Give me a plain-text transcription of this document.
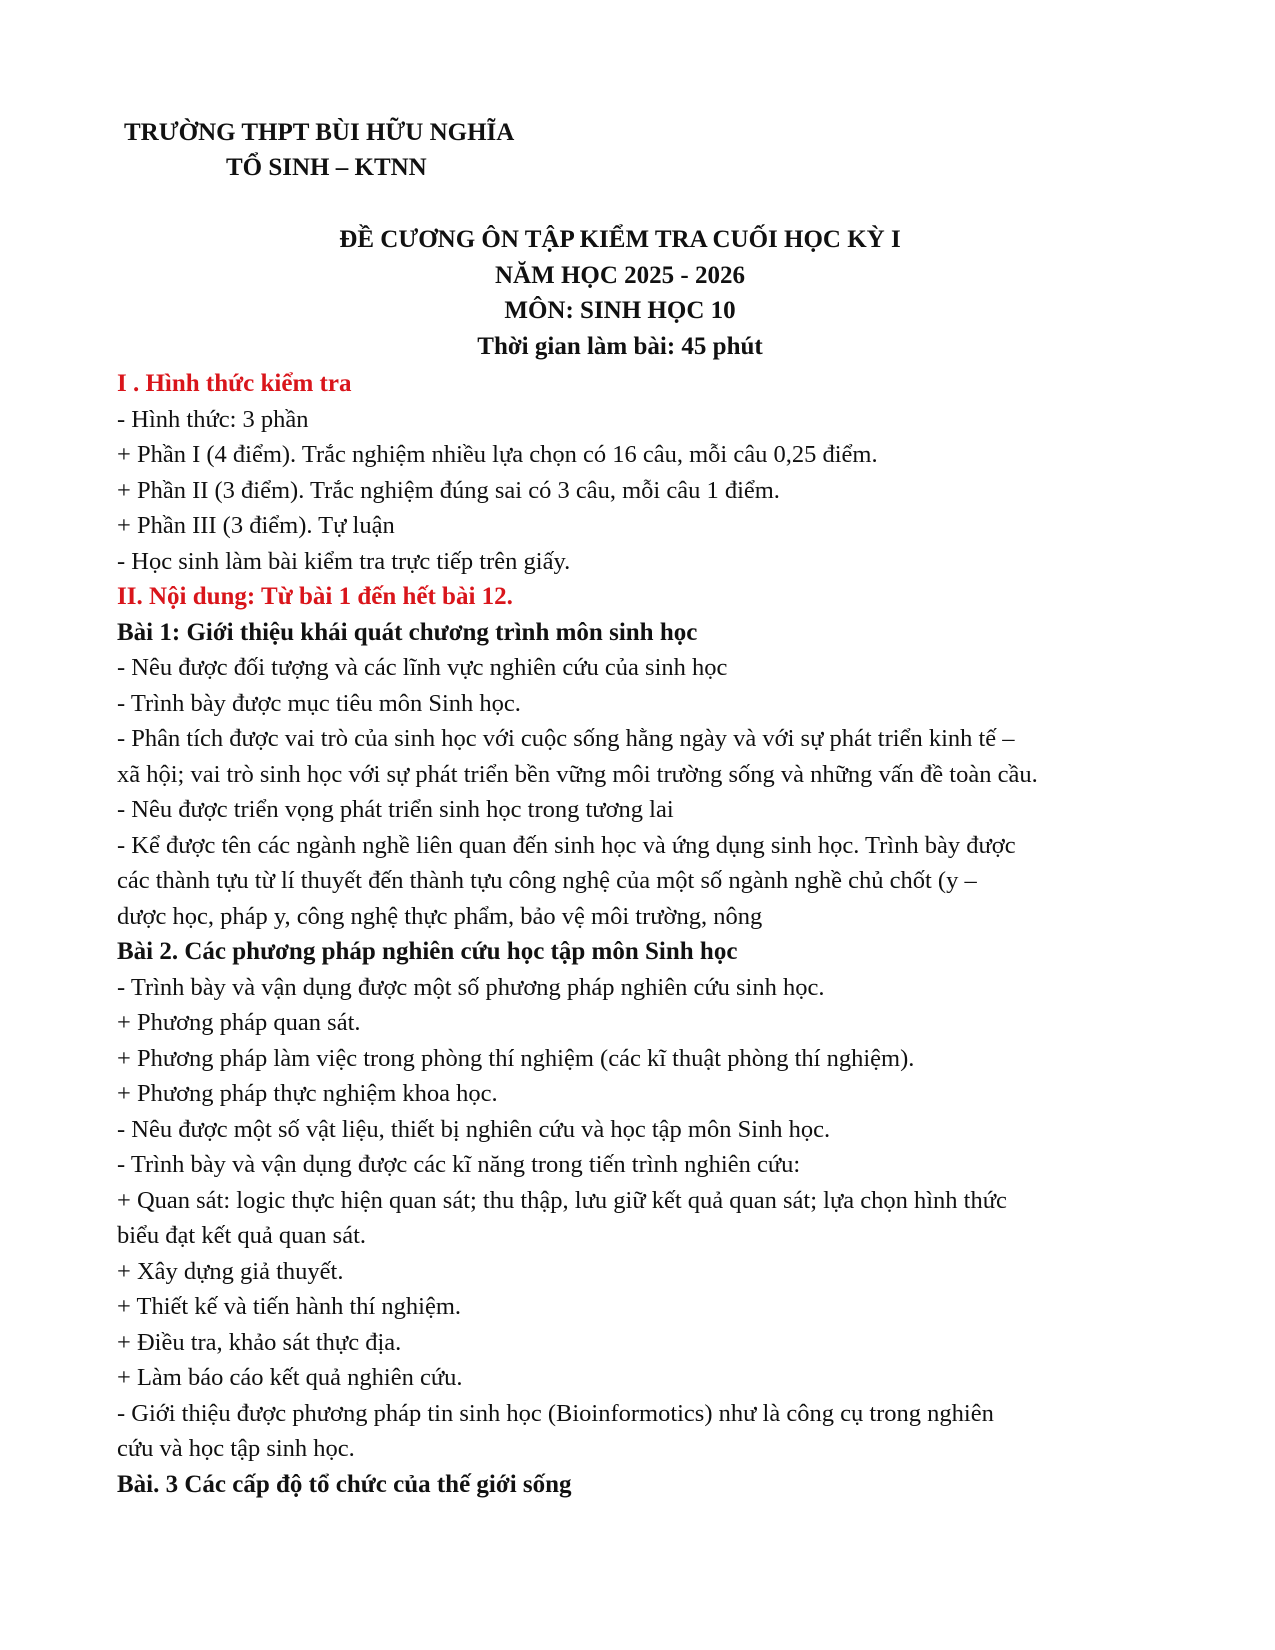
TRƯỜNG THPT BÙI HỮU NGHĨA
TỔ SINH – KTNN
ĐỀ CƯƠNG ÔN TẬP KIỂM TRA CUỐI HỌC KỲ I
NĂM HỌC 2025 - 2026
MÔN: SINH HỌC 10
Thời gian làm bài: 45 phút
I . Hình thức kiểm tra
- Hình thức: 3 phần
+ Phần I (4 điểm). Trắc nghiệm nhiều lựa chọn có 16 câu, mỗi câu 0,25 điểm.
+ Phần II (3 điểm). Trắc nghiệm đúng sai có 3 câu, mỗi câu 1 điểm.
+ Phần III (3 điểm). Tự luận
- Học sinh làm bài kiểm tra trực tiếp trên giấy.
II. Nội dung: Từ bài 1 đến hết bài 12.
Bài 1: Giới thiệu khái quát chương trình môn sinh học
- Nêu được đối tượng và các lĩnh vực nghiên cứu của sinh học
- Trình bày được mục tiêu môn Sinh học.
- Phân tích được vai trò của sinh học với cuộc sống hằng ngày và với sự phát triển kinh tế –
xã hội; vai trò sinh học với sự phát triển bền vững môi trường sống và những vấn đề toàn cầu.
- Nêu được triển vọng phát triển sinh học trong tương lai
- Kể được tên các ngành nghề liên quan đến sinh học và ứng dụng sinh học. Trình bày được
các thành tựu từ lí thuyết đến thành tựu công nghệ của một số ngành nghề chủ chốt (y –
dược học, pháp y, công nghệ thực phẩm, bảo vệ môi trường, nông
Bài 2. Các phương pháp nghiên cứu học tập môn Sinh học
- Trình bày và vận dụng được một số phương pháp nghiên cứu sinh học.
+ Phương pháp quan sát.
+ Phương pháp làm việc trong phòng thí nghiệm (các kĩ thuật phòng thí nghiệm).
+ Phương pháp thực nghiệm khoa học.
- Nêu được một số vật liệu, thiết bị nghiên cứu và học tập môn Sinh học.
- Trình bày và vận dụng được các kĩ năng trong tiến trình nghiên cứu:
+ Quan sát: logic thực hiện quan sát; thu thập, lưu giữ kết quả quan sát; lựa chọn hình thức
biểu đạt kết quả quan sát.
+ Xây dựng giả thuyết.
+ Thiết kế và tiến hành thí nghiệm.
+ Điều tra, khảo sát thực địa.
+ Làm báo cáo kết quả nghiên cứu.
- Giới thiệu được phương pháp tin sinh học (Bioinformotics) như là công cụ trong nghiên
cứu và học tập sinh học.
Bài. 3 Các cấp độ tổ chức của thế giới sống
